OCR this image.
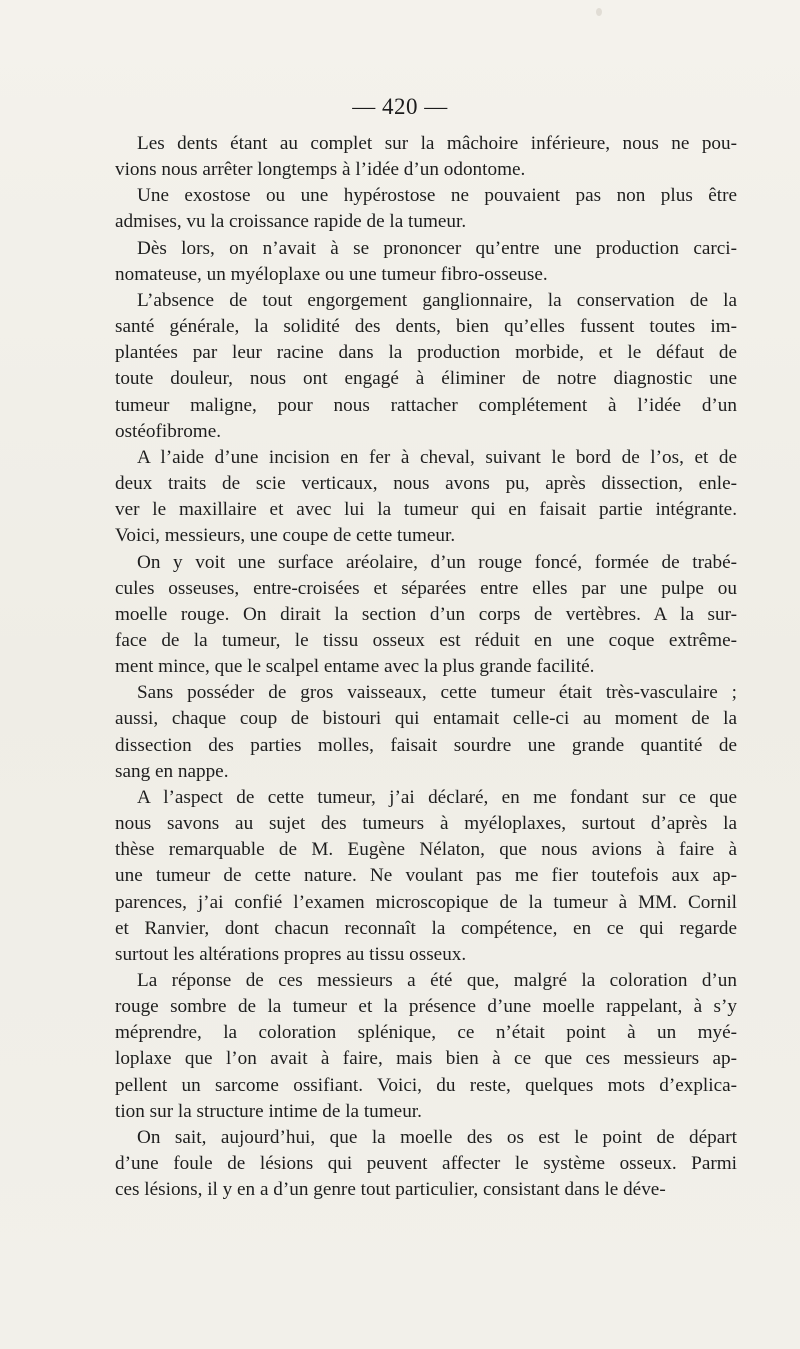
— 420 —
Les dents étant au complet sur la mâchoire inférieure, nous ne pou-
vions nous arrêter longtemps à l’idée d’un odontome.
Une exostose ou une hypérostose ne pouvaient pas non plus être
admises, vu la croissance rapide de la tumeur.
Dès lors, on n’avait à se prononcer qu’entre une production carci-
nomateuse, un myéloplaxe ou une tumeur fibro-osseuse.
L’absence de tout engorgement ganglionnaire, la conservation de la
santé générale, la solidité des dents, bien qu’elles fussent toutes im-
plantées par leur racine dans la production morbide, et le défaut de
toute douleur, nous ont engagé à éliminer de notre diagnostic une
tumeur maligne, pour nous rattacher complétement à l’idée d’un
ostéofibrome.
A l’aide d’une incision en fer à cheval, suivant le bord de l’os, et de
deux traits de scie verticaux, nous avons pu, après dissection, enle-
ver le maxillaire et avec lui la tumeur qui en faisait partie intégrante.
Voici, messieurs, une coupe de cette tumeur.
On y voit une surface aréolaire, d’un rouge foncé, formée de trabé-
cules osseuses, entre-croisées et séparées entre elles par une pulpe ou
moelle rouge. On dirait la section d’un corps de vertèbres. A la sur-
face de la tumeur, le tissu osseux est réduit en une coque extrême-
ment mince, que le scalpel entame avec la plus grande facilité.
Sans posséder de gros vaisseaux, cette tumeur était très-vasculaire ;
aussi, chaque coup de bistouri qui entamait celle-ci au moment de la
dissection des parties molles, faisait sourdre une grande quantité de
sang en nappe.
A l’aspect de cette tumeur, j’ai déclaré, en me fondant sur ce que
nous savons au sujet des tumeurs à myéloplaxes, surtout d’après la
thèse remarquable de M. Eugène Nélaton, que nous avions à faire à
une tumeur de cette nature. Ne voulant pas me fier toutefois aux ap-
parences, j’ai confié l’examen microscopique de la tumeur à MM. Cornil
et Ranvier, dont chacun reconnaît la compétence, en ce qui regarde
surtout les altérations propres au tissu osseux.
La réponse de ces messieurs a été que, malgré la coloration d’un
rouge sombre de la tumeur et la présence d’une moelle rappelant, à s’y
méprendre, la coloration splénique, ce n’était point à un myé-
loplaxe que l’on avait à faire, mais bien à ce que ces messieurs ap-
pellent un sarcome ossifiant. Voici, du reste, quelques mots d’explica-
tion sur la structure intime de la tumeur.
On sait, aujourd’hui, que la moelle des os est le point de départ
d’une foule de lésions qui peuvent affecter le système osseux. Parmi
ces lésions, il y en a d’un genre tout particulier, consistant dans le déve-
